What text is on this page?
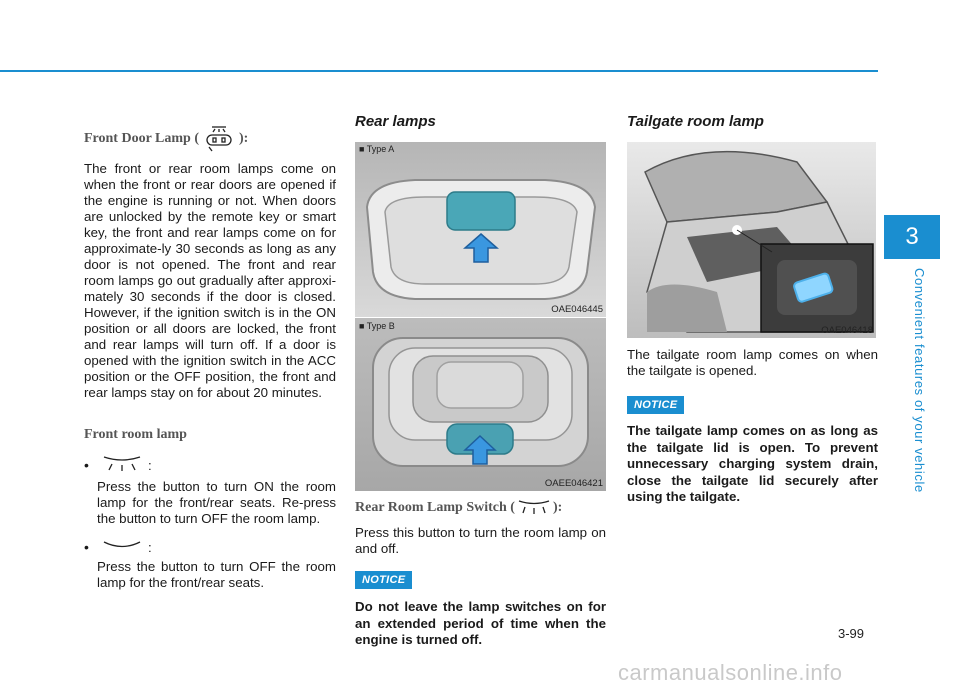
3
Convenient features of your vehicle
Front Door Lamp (	):

The front or rear room lamps come on when the front or rear doors are opened if the engine is running or not. When doors are unlocked by the remote key or smart key, the front and rear lamps come on for approximate-ly 30 seconds as long as any door is not opened. The front and rear room lamps go out gradually after approxi-mately 30 seconds if the door is closed. However, if the ignition switch is in the ON position or all doors are locked, the front and rear lamps will turn off. If a door is opened with the ignition switch in the ACC position or the OFF position, the front and rear lamps stay on for about 20 minutes.

Front room lamp
•	:

Press the button to turn ON the room lamp for the front/rear seats. Re-press the button to turn OFF the room lamp.

•	:

Press the button to turn OFF the room lamp for the front/rear seats.

Rear lamps
■ Type A
OAE046445
■ Type B
OAEE046421
Rear Room Lamp Switch (	):

Press this button to turn the room lamp on and off.

NOTICE

Do not leave the lamp switches on for an extended period of time when the engine is turned off.

Tailgate room lamp
OAE046418

The tailgate room lamp comes on when the tailgate is opened.

NOTICE

The tailgate lamp comes on as long as the tailgate lid is open. To prevent unnecessary charging system drain, close the tailgate lid securely after using the tailgate.

3-99
carmanualsonline.info
